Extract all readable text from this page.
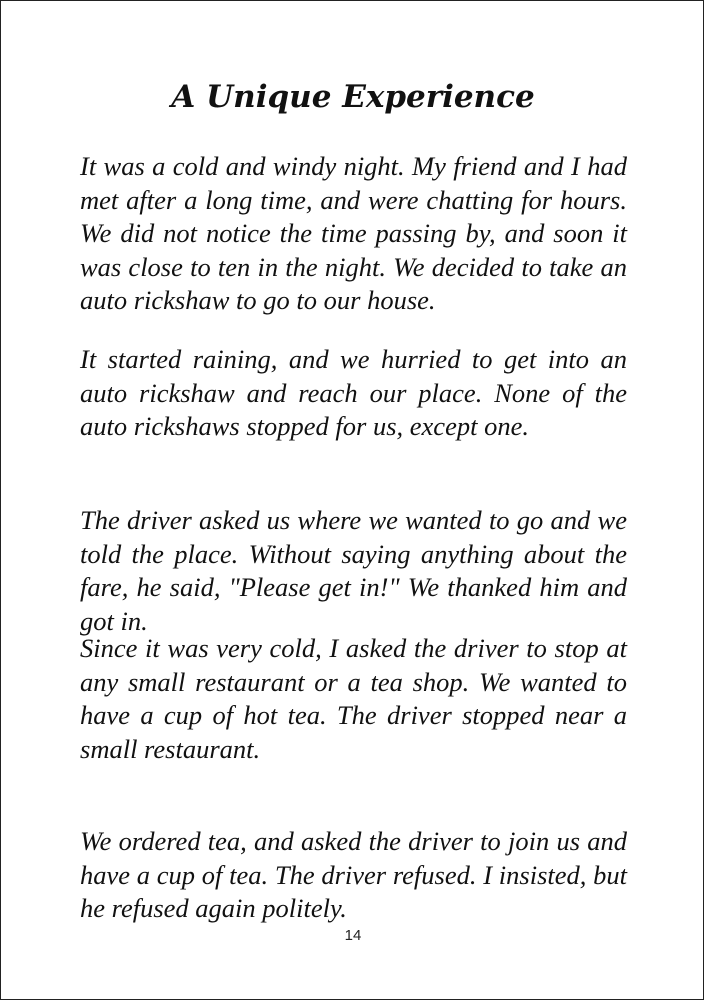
A Unique Experience

It was a cold and windy night. My friend and I had met after a long time, and were chatting for hours. We did not notice the time passing by, and soon it was close to ten in the night. We decided to take an auto rickshaw to go to our house.

It started raining, and we hurried to get into an auto rickshaw and reach our place. None of the auto rickshaws stopped for us, except one.

The driver asked us where we wanted to go and we told the place. Without saying anything about the fare, he said, "Please get in!" We thanked him and got in.

Since it was very cold, I asked the driver to stop at any small restaurant or a tea shop. We wanted to have a cup of hot tea. The driver stopped near a small restaurant.

We ordered tea, and asked the driver to join us and have a cup of tea. The driver refused. I insisted, but he refused again politely.

14
